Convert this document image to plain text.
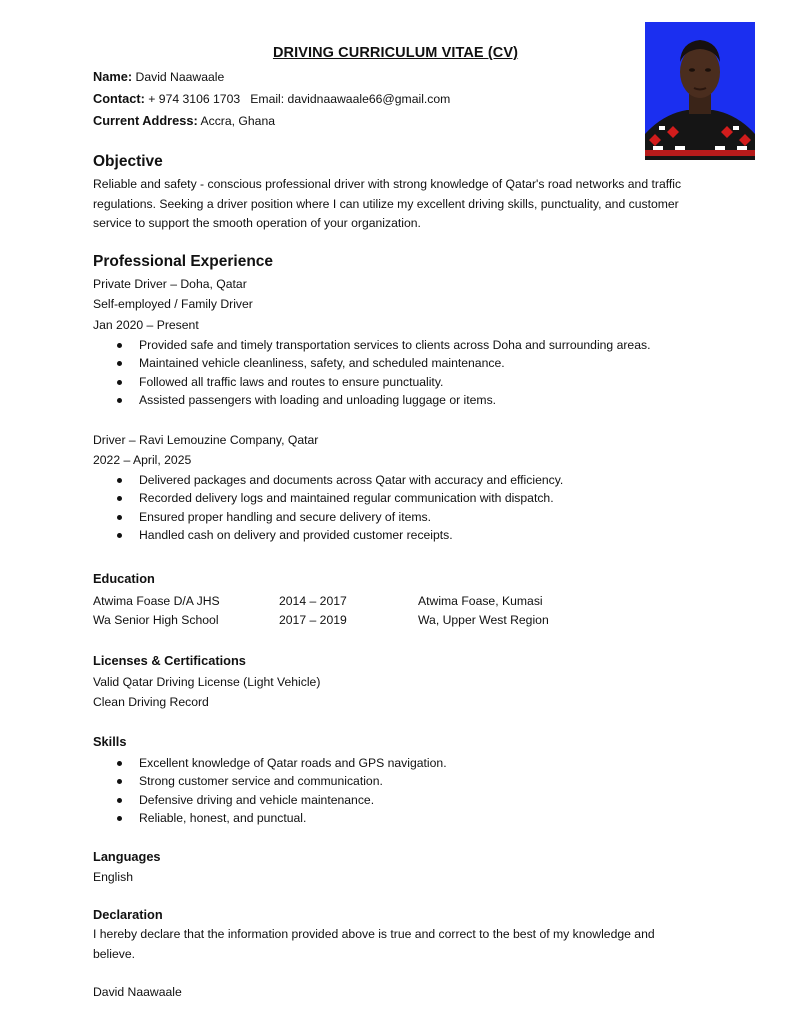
DRIVING CURRICULUM VITAE (CV)
Name: David Naawaale
Contact: + 974 3106 1703   Email: davidnaawaale66@gmail.com
Current Address: Accra, Ghana
Objective
Reliable and safety - conscious professional driver with strong knowledge of Qatar's road networks and traffic regulations. Seeking a driver position where I can utilize my excellent driving skills, punctuality, and customer service to support the smooth operation of your organization.
Professional Experience
Private Driver – Doha, Qatar
Self-employed / Family Driver
Jan 2020 – Present
Provided safe and timely transportation services to clients across Doha and surrounding areas.
Maintained vehicle cleanliness, safety, and scheduled maintenance.
Followed all traffic laws and routes to ensure punctuality.
Assisted passengers with loading and unloading luggage or items.
Driver – Ravi Lemouzine Company, Qatar
2022 – April, 2025
Delivered packages and documents across Qatar with accuracy and efficiency.
Recorded delivery logs and maintained regular communication with dispatch.
Ensured proper handling and secure delivery of items.
Handled cash on delivery and provided customer receipts.
Education
Atwima Foase D/A JHS	2014 – 2017	Atwima Foase, Kumasi
Wa Senior High School	2017 – 2019	Wa, Upper West Region
Licenses & Certifications
Valid Qatar Driving License (Light Vehicle)
Clean Driving Record
Skills
Excellent knowledge of Qatar roads and GPS navigation.
Strong customer service and communication.
Defensive driving and vehicle maintenance.
Reliable, honest, and punctual.
Languages
English
Declaration
I hereby declare that the information provided above is true and correct to the best of my knowledge and believe.
David Naawaale
